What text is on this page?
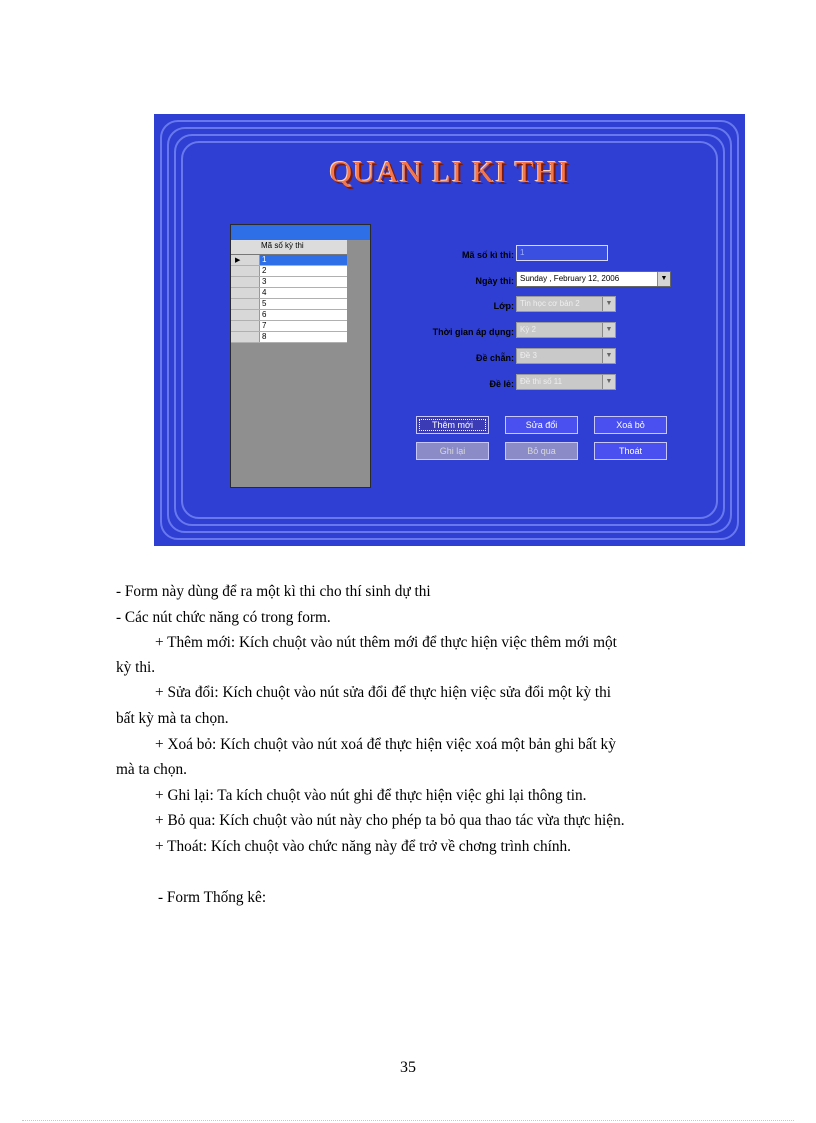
QUAN LI KI THI
Mã số kỳ thi
▶	1
2
3
4
5
6
7
8
Mã số kì thi: 1
Ngày thi: Sunday , February 12, 2006	▼
Lớp: Tin học cơ bản 2	▼
Thời gian áp dụng: Kỳ 2	▼
Đề chẵn: Đề 3	▼
Đề lẻ: Đề thi số 11	▼
Thêm mới	Sửa đổi	Xoá bỏ
Ghi lại	Bỏ qua	Thoát
- Form này dùng để ra một kì thi cho thí sinh dự thi
- Các nút chức năng có trong form.
+ Thêm mới: Kích chuột vào nút thêm mới để thực hiện việc thêm mới một
kỳ thi.
+ Sửa đổi: Kích chuột vào nút sửa đổi để thực hiện việc sửa đổi một kỳ thi
bất kỳ mà ta chọn.
+ Xoá bỏ: Kích chuột vào nút xoá để thực hiện việc xoá một bản ghi bất kỳ
mà ta chọn.
+ Ghi lại: Ta kích chuột vào nút ghi để thực hiện việc ghi lại thông tin.
+ Bỏ qua: Kích chuột vào nút này cho phép ta bỏ qua thao tác vừa thực hiện.
+ Thoát: Kích chuột vào chức năng này để trở về chơng trình chính.
- Form Thống kê:
35
